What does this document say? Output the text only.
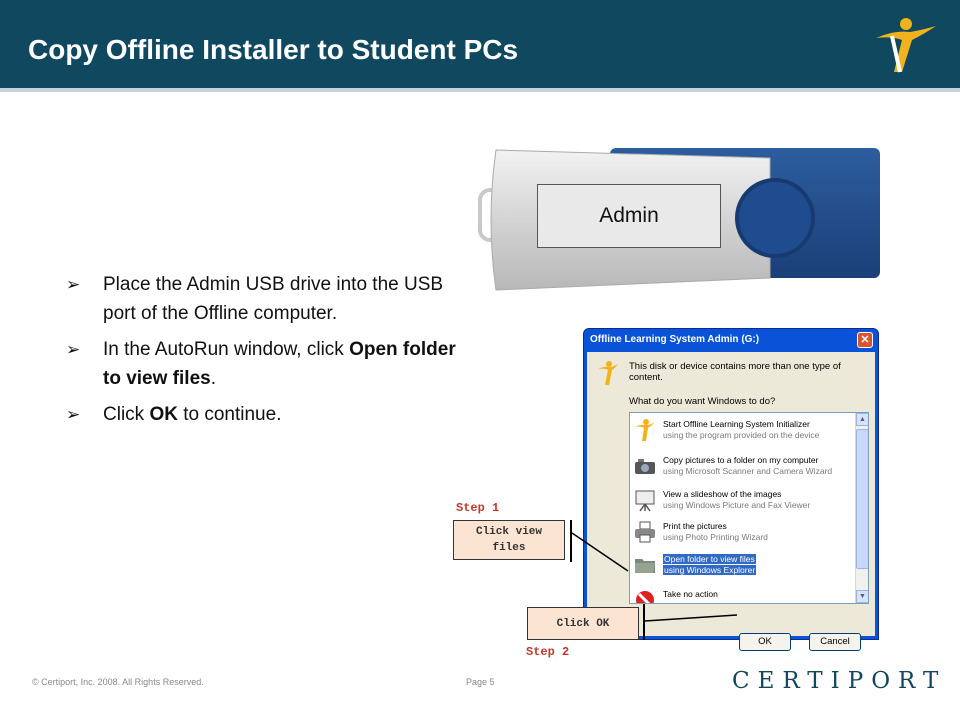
Copy Offline Installer to Student PCs
➢ Place the Admin USB drive into the USB port of the Offline computer.
➢ In the AutoRun window, click Open folder to view files.
➢ Click OK to continue.
Admin
Offline Learning System Admin (G:)	✕
This disk or device contains more than one type of content.
What do you want Windows to do?
Start Offline Learning System Initializer
using the program provided on the device
Copy pictures to a folder on my computer
using Microsoft Scanner and Camera Wizard
View a slideshow of the images
using Windows Picture and Fax Viewer
Print the pictures
using Photo Printing Wizard
Open folder to view files
using Windows Explorer
Take no action
▲
▼
OK	Cancel
Step 1
Click view files
Click OK
Step 2
© Certiport, Inc. 2008. All Rights Reserved.	Page 5	CERTIPORT
